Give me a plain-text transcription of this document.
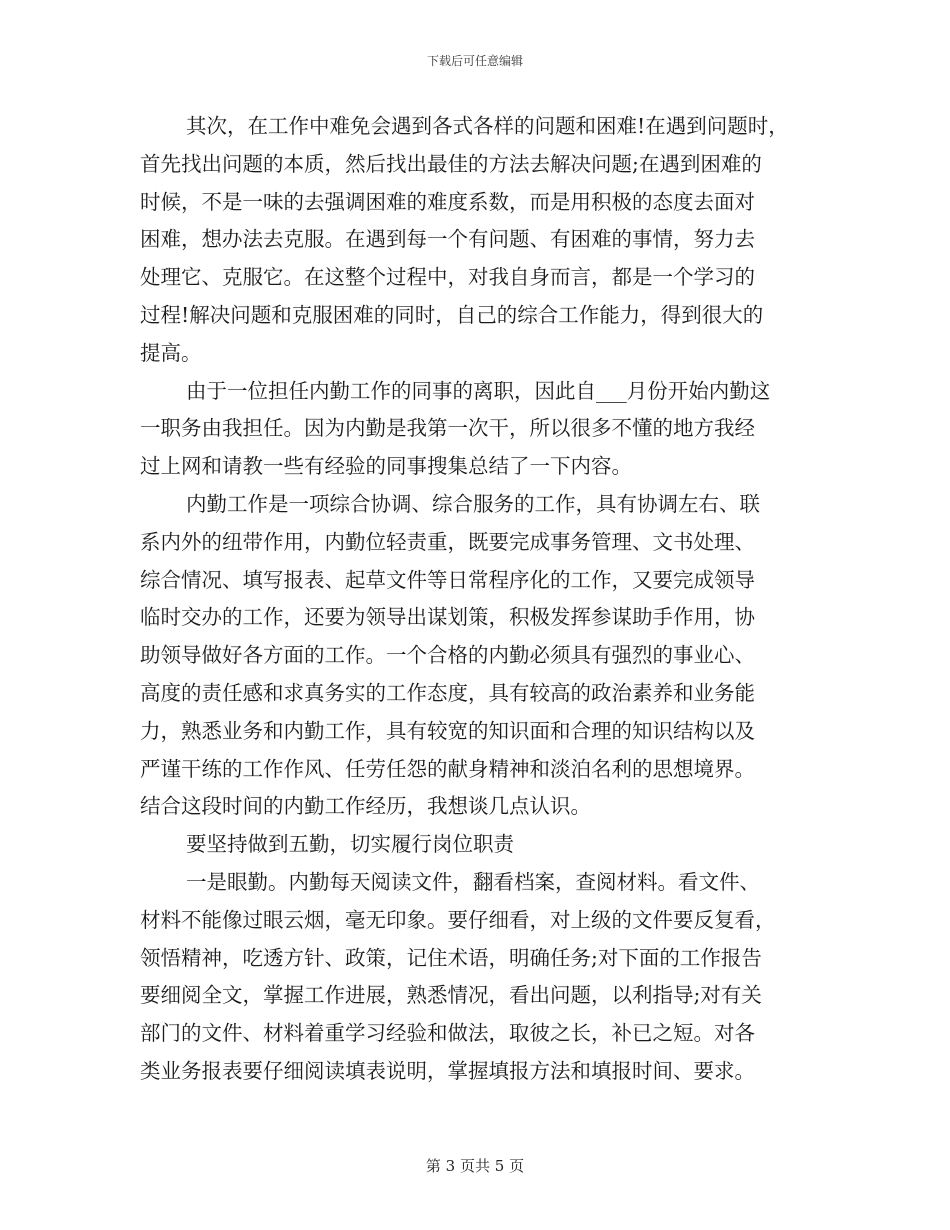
下载后可任意编辑
其次，在工作中难免会遇到各式各样的问题和困难!在遇到问题时，
首先找出问题的本质，然后找出最佳的方法去解决问题;在遇到困难的
时候，不是一味的去强调困难的难度系数，而是用积极的态度去面对
困难，想办法去克服。在遇到每一个有问题、有困难的事情，努力去
处理它、克服它。在这整个过程中，对我自身而言，都是一个学习的
过程!解决问题和克服困难的同时，自己的综合工作能力，得到很大的
提高。
由于一位担任内勤工作的同事的离职，因此自___月份开始内勤这
一职务由我担任。因为内勤是我第一次干，所以很多不懂的地方我经
过上网和请教一些有经验的同事搜集总结了一下内容。
内勤工作是一项综合协调、综合服务的工作，具有协调左右、联
系内外的纽带作用，内勤位轻责重，既要完成事务管理、文书处理、
综合情况、填写报表、起草文件等日常程序化的工作，又要完成领导
临时交办的工作，还要为领导出谋划策，积极发挥参谋助手作用，协
助领导做好各方面的工作。一个合格的内勤必须具有强烈的事业心、
高度的责任感和求真务实的工作态度，具有较高的政治素养和业务能
力，熟悉业务和内勤工作，具有较宽的知识面和合理的知识结构以及
严谨干练的工作作风、任劳任怨的献身精神和淡泊名利的思想境界。
结合这段时间的内勤工作经历，我想谈几点认识。
要坚持做到五勤，切实履行岗位职责
一是眼勤。内勤每天阅读文件，翻看档案，查阅材料。看文件、
材料不能像过眼云烟，毫无印象。要仔细看，对上级的文件要反复看，
领悟精神，吃透方针、政策，记住术语，明确任务;对下面的工作报告
要细阅全文，掌握工作进展，熟悉情况，看出问题，以利指导;对有关
部门的文件、材料着重学习经验和做法，取彼之长，补已之短。对各
类业务报表要仔细阅读填表说明，掌握填报方法和填报时间、要求。
第 3 页共 5 页
